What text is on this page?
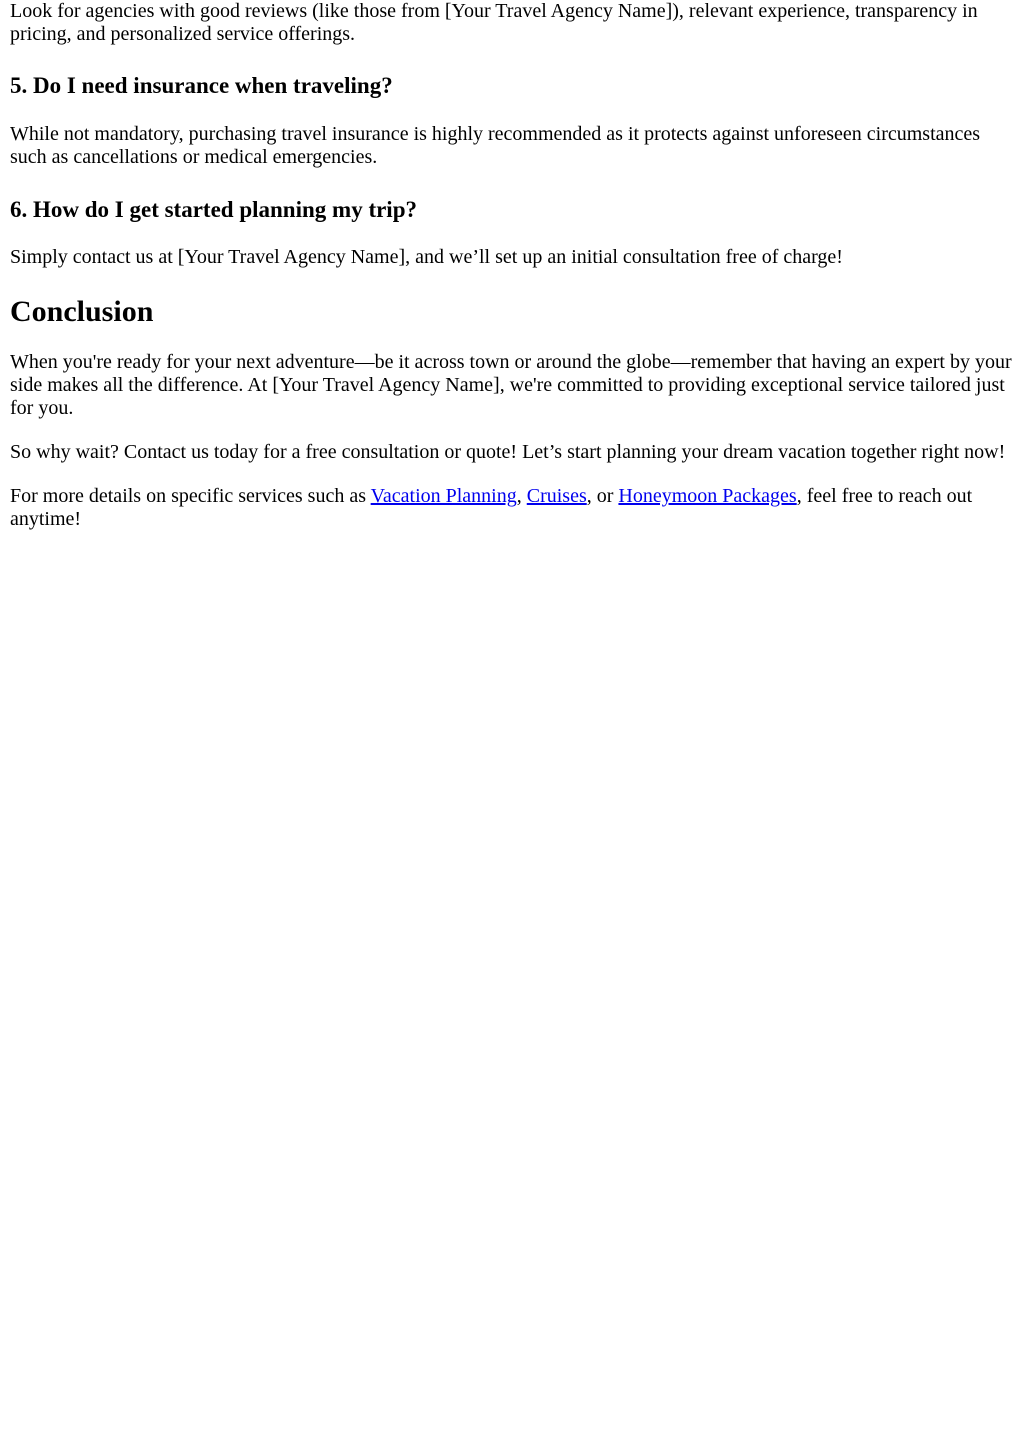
Look for agencies with good reviews (like those from [Your Travel Agency Name]), relevant experience, transparency in pricing, and personalized service offerings.

5. Do I need insurance when traveling?

While not mandatory, purchasing travel insurance is highly recommended as it protects against unforeseen circumstances such as cancellations or medical emergencies.

6. How do I get started planning my trip?

Simply contact us at [Your Travel Agency Name], and we’ll set up an initial consultation free of charge!

Conclusion

When you're ready for your next adventure—be it across town or around the globe—remember that having an expert by your side makes all the difference. At [Your Travel Agency Name], we're committed to providing exceptional service tailored just for you.

So why wait? Contact us today for a free consultation or quote! Let’s start planning your dream vacation together right now!

For more details on specific services such as Vacation Planning, Cruises, or Honeymoon Packages, feel free to reach out anytime!
